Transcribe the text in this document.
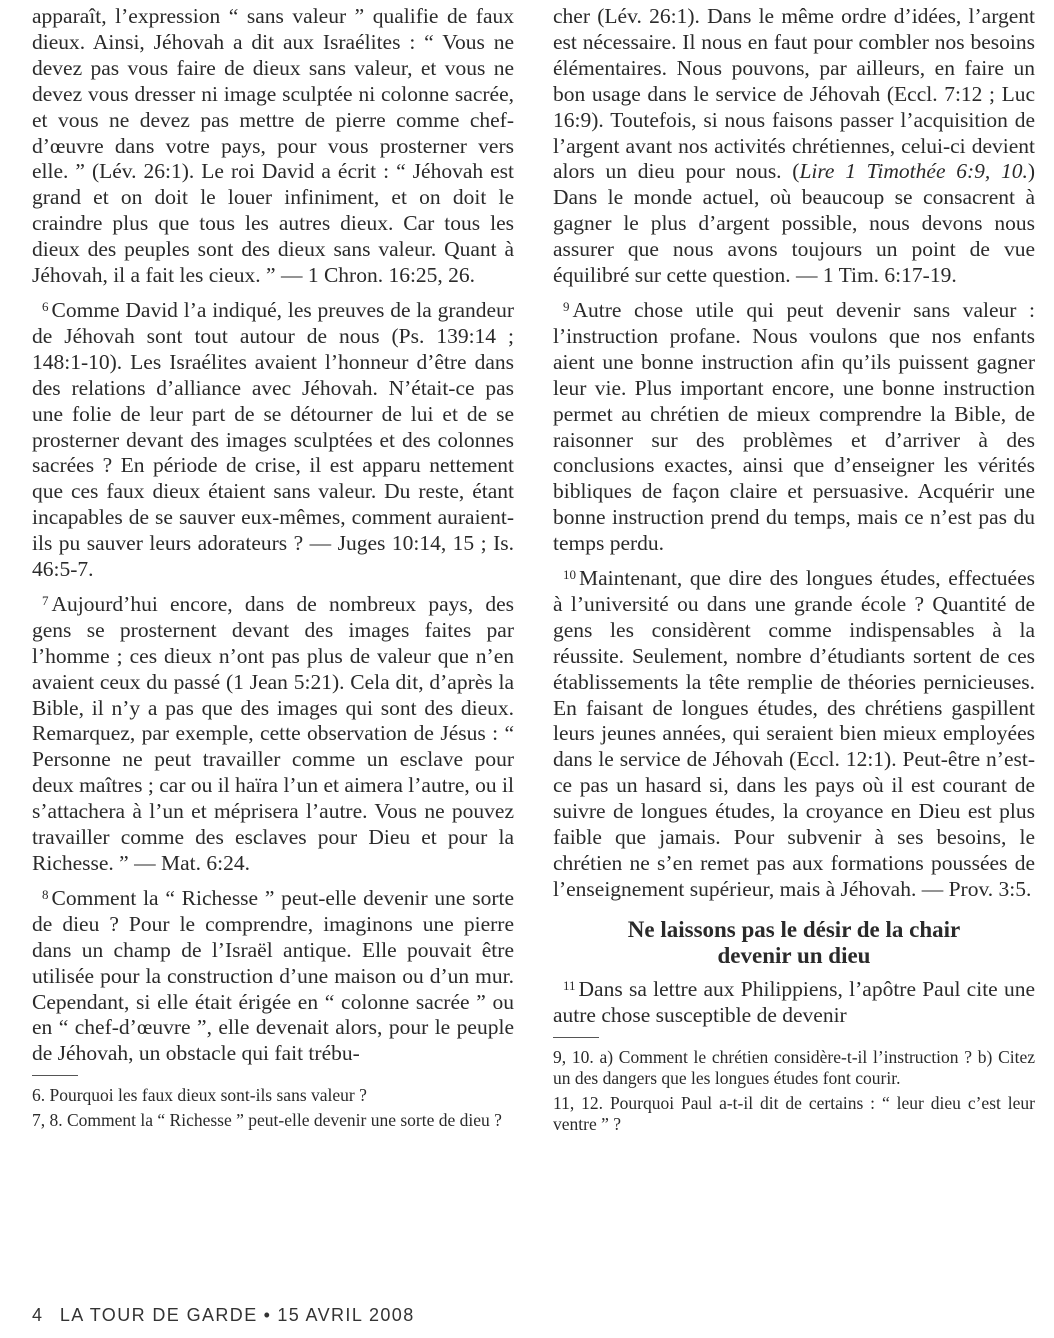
apparaît, l’expression “ sans valeur ” qualifie de faux dieux. Ainsi, Jéhovah a dit aux Israélites : “ Vous ne devez pas vous faire de dieux sans valeur, et vous ne devez vous dresser ni image sculptée ni colonne sacrée, et vous ne devez pas mettre de pierre comme chef-d’œuvre dans votre pays, pour vous prosterner vers elle. ” (Lév. 26:1). Le roi David a écrit : “ Jéhovah est grand et on doit le louer infiniment, et on doit le craindre plus que tous les autres dieux. Car tous les dieux des peuples sont des dieux sans valeur. Quant à Jéhovah, il a fait les cieux. ” — 1 Chron. 16:25, 26.

$^6$ Comme David l’a indiqué, les preuves de la grandeur de Jéhovah sont tout autour de nous (Ps. 139:14 ; 148:1-10). Les Israélites avaient l’honneur d’être dans des relations d’alliance avec Jéhovah. N’était-ce pas une folie de leur part de se détourner de lui et de se prosterner devant des images sculptées et des colonnes sacrées ? En période de crise, il est apparu nettement que ces faux dieux étaient sans valeur. Du reste, étant incapables de se sauver eux-mêmes, comment auraient-ils pu sauver leurs adorateurs ? — Juges 10:14, 15 ; Is. 46:5-7.

$^7$ Aujourd’hui encore, dans de nombreux pays, des gens se prosternent devant des images faites par l’homme ; ces dieux n’ont pas plus de valeur que n’en avaient ceux du passé (1 Jean 5:21). Cela dit, d’après la Bible, il n’y a pas que des images qui sont des dieux. Remarquez, par exemple, cette observation de Jésus : “ Personne ne peut travailler comme un esclave pour deux maîtres ; car ou il haïra l’un et aimera l’autre, ou il s’attachera à l’un et méprisera l’autre. Vous ne pouvez travailler comme des esclaves pour Dieu et pour la Richesse. ” — Mat. 6:24.

$^8$ Comment la “ Richesse ” peut-elle devenir une sorte de dieu ? Pour le comprendre, imaginons une pierre dans un champ de l’Israël antique. Elle pouvait être utilisée pour la construction d’une maison ou d’un mur. Cependant, si elle était érigée en “ colonne sacrée ” ou en “ chef-d’œuvre ”, elle devenait alors, pour le peuple de Jéhovah, un obstacle qui fait trébu-

6. Pourquoi les faux dieux sont-ils sans valeur ?

7, 8. Comment la “ Richesse ” peut-elle devenir une sorte de dieu ?

cher (Lév. 26:1). Dans le même ordre d’idées, l’argent est nécessaire. Il nous en faut pour combler nos besoins élémentaires. Nous pouvons, par ailleurs, en faire un bon usage dans le service de Jéhovah (Eccl. 7:12 ; Luc 16:9). Toutefois, si nous faisons passer l’acquisition de l’argent avant nos activités chrétiennes, celui-ci devient alors un dieu pour nous. (Lire 1 Timothée 6:9, 10.) Dans le monde actuel, où beaucoup se consacrent à gagner le plus d’argent possible, nous devons nous assurer que nous avons toujours un point de vue équilibré sur cette question. — 1 Tim. 6:17-19.

$^9$ Autre chose utile qui peut devenir sans valeur : l’instruction profane. Nous voulons que nos enfants aient une bonne instruction afin qu’ils puissent gagner leur vie. Plus important encore, une bonne instruction permet au chrétien de mieux comprendre la Bible, de raisonner sur des problèmes et d’arriver à des conclusions exactes, ainsi que d’enseigner les vérités bibliques de façon claire et persuasive. Acquérir une bonne instruction prend du temps, mais ce n’est pas du temps perdu.

$^{10}$ Maintenant, que dire des longues études, effectuées à l’université ou dans une grande école ? Quantité de gens les considèrent comme indispensables à la réussite. Seulement, nombre d’étudiants sortent de ces établissements la tête remplie de théories pernicieuses. En faisant de longues études, des chrétiens gaspillent leurs jeunes années, qui seraient bien mieux employées dans le service de Jéhovah (Eccl. 12:1). Peut-être n’est-ce pas un hasard si, dans les pays où il est courant de suivre de longues études, la croyance en Dieu est plus faible que jamais. Pour subvenir à ses besoins, le chrétien ne s’en remet pas aux formations poussées de l’enseignement supérieur, mais à Jéhovah. — Prov. 3:5.

Ne laissons pas le désir de la chair
devenir un dieu

$^{11}$ Dans sa lettre aux Philippiens, l’apôtre Paul cite une autre chose susceptible de devenir

9, 10. a) Comment le chrétien considère-t-il l’instruction ? b) Citez un des dangers que les longues études font courir.

11, 12. Pourquoi Paul a-t-il dit de certains : “ leur dieu c’est leur ventre ” ?

4 LA TOUR DE GARDE • 15 AVRIL 2008
